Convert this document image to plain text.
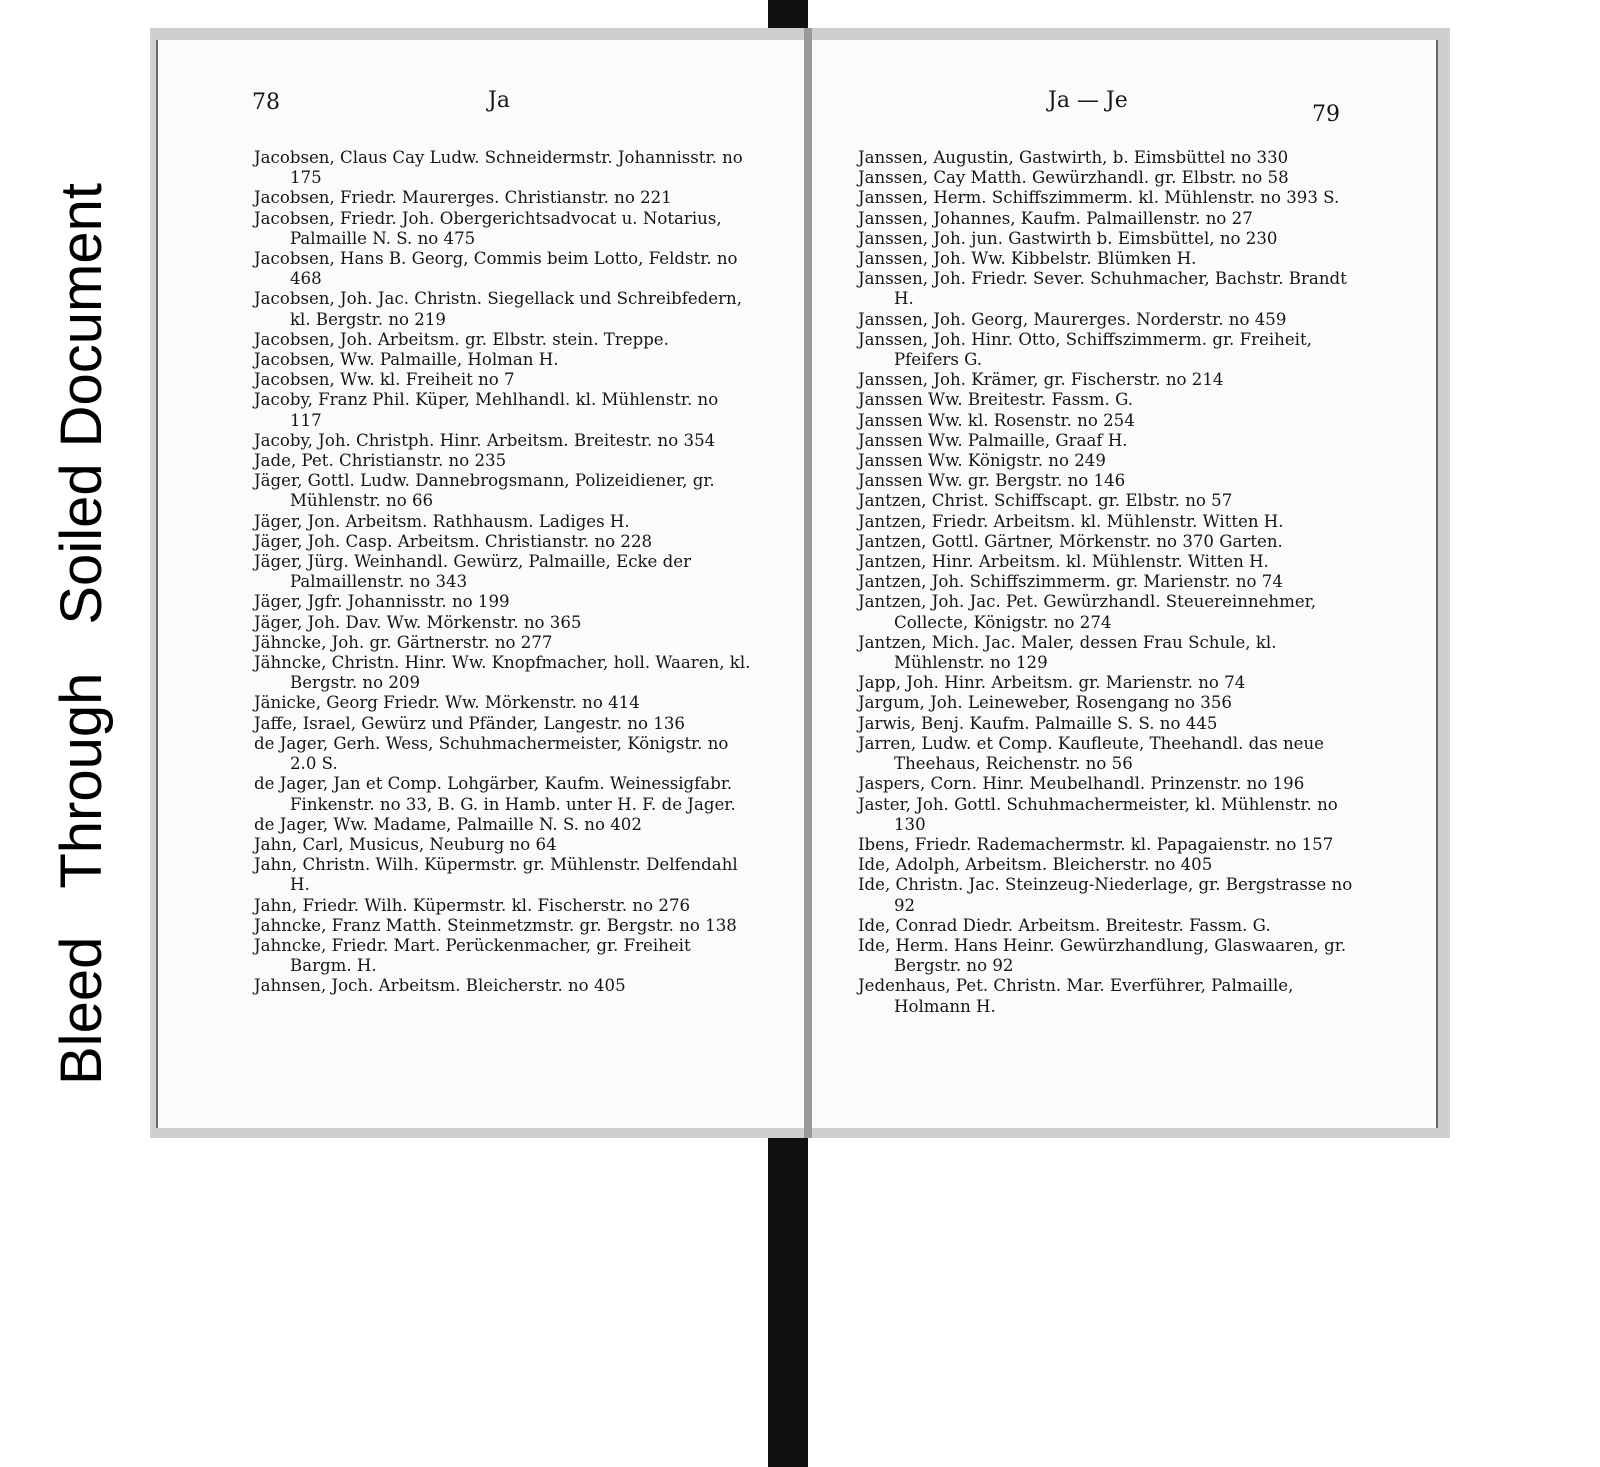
BleedThroughSoiledDocument
78	Ja
Jacobsen, Claus Cay Ludw. Schneidermstr. Johannisstr. no 175
Jacobsen, Friedr. Maurerges. Christianstr. no 221
Jacobsen, Friedr. Joh. Obergerichtsadvocat u. Notarius, Palmaille N. S. no 475
Jacobsen, Hans B. Georg, Commis beim Lotto, Feldstr. no 468
Jacobsen, Joh. Jac. Christn. Siegellack und Schreibfedern, kl. Bergstr. no 219
Jacobsen, Joh. Arbeitsm. gr. Elbstr. stein. Treppe.
Jacobsen, Ww. Palmaille, Holman H.
Jacobsen, Ww. kl. Freiheit no 7
Jacoby, Franz Phil. Küper, Mehlhandl. kl. Mühlenstr. no 117
Jacoby, Joh. Christph. Hinr. Arbeitsm. Breitestr. no 354
Jade, Pet. Christianstr. no 235
Jäger, Gottl. Ludw. Dannebrogsmann, Polizeidiener, gr. Mühlenstr. no 66
Jäger, Jon. Arbeitsm. Rathhausm. Ladiges H.
Jäger, Joh. Casp. Arbeitsm. Christianstr. no 228
Jäger, Jürg. Weinhandl. Gewürz, Palmaille, Ecke der Palmaillenstr. no 343
Jäger, Jgfr. Johannisstr. no 199
Jäger, Joh. Dav. Ww. Mörkenstr. no 365
Jähncke, Joh. gr. Gärtnerstr. no 277
Jähncke, Christn. Hinr. Ww. Knopfmacher, holl. Waaren, kl. Bergstr. no 209
Jänicke, Georg Friedr. Ww. Mörkenstr. no 414
Jaffe, Israel, Gewürz und Pfänder, Langestr. no 136
de Jager, Gerh. Wess, Schuhmachermeister, Königstr. no 2.0 S.
de Jager, Jan et Comp. Lohgärber, Kaufm. Weinessigfabr. Finkenstr. no 33, B. G. in Hamb. unter H. F. de Jager.
de Jager, Ww. Madame, Palmaille N. S. no 402
Jahn, Carl, Musicus, Neuburg no 64
Jahn, Christn. Wilh. Küpermstr. gr. Mühlenstr. Delfendahl H.
Jahn, Friedr. Wilh. Küpermstr. kl. Fischerstr. no 276
Jahncke, Franz Matth. Steinmetzmstr. gr. Bergstr. no 138
Jahncke, Friedr. Mart. Perückenmacher, gr. Freiheit Bargm. H.
Jahnsen, Joch. Arbeitsm. Bleicherstr. no 405
Ja — Je
79
Janssen, Augustin, Gastwirth, b. Eimsbüttel no 330
Janssen, Cay Matth. Gewürzhandl. gr. Elbstr. no 58
Janssen, Herm. Schiffszimmerm. kl. Mühlenstr. no 393 S.
Janssen, Johannes, Kaufm. Palmaillenstr. no 27
Janssen, Joh. jun. Gastwirth b. Eimsbüttel, no 230
Janssen, Joh. Ww. Kibbelstr. Blümken H.
Janssen, Joh. Friedr. Sever. Schuhmacher, Bachstr. Brandt H.
Janssen, Joh. Georg, Maurerges. Norderstr. no 459
Janssen, Joh. Hinr. Otto, Schiffszimmerm. gr. Freiheit, Pfeifers G.
Janssen, Joh. Krämer, gr. Fischerstr. no 214
Janssen Ww. Breitestr. Fassm. G.
Janssen Ww. kl. Rosenstr. no 254
Janssen Ww. Palmaille, Graaf H.
Janssen Ww. Königstr. no 249
Janssen Ww. gr. Bergstr. no 146
Jantzen, Christ. Schiffscapt. gr. Elbstr. no 57
Jantzen, Friedr. Arbeitsm. kl. Mühlenstr. Witten H.
Jantzen, Gottl. Gärtner, Mörkenstr. no 370 Garten.
Jantzen, Hinr. Arbeitsm. kl. Mühlenstr. Witten H.
Jantzen, Joh. Schiffszimmerm. gr. Marienstr. no 74
Jantzen, Joh. Jac. Pet. Gewürzhandl. Steuereinnehmer, Collecte, Königstr. no 274
Jantzen, Mich. Jac. Maler, dessen Frau Schule, kl. Mühlenstr. no 129
Japp, Joh. Hinr. Arbeitsm. gr. Marienstr. no 74
Jargum, Joh. Leineweber, Rosengang no 356
Jarwis, Benj. Kaufm. Palmaille S. S. no 445
Jarren, Ludw. et Comp. Kaufleute, Theehandl. das neue Theehaus, Reichenstr. no 56
Jaspers, Corn. Hinr. Meubelhandl. Prinzenstr. no 196
Jaster, Joh. Gottl. Schuhmachermeister, kl. Mühlenstr. no 130
Ibens, Friedr. Rademachermstr. kl. Papagaienstr. no 157
Ide, Adolph, Arbeitsm. Bleicherstr. no 405
Ide, Christn. Jac. Steinzeug-Niederlage, gr. Bergstrasse no 92
Ide, Conrad Diedr. Arbeitsm. Breitestr. Fassm. G.
Ide, Herm. Hans Heinr. Gewürzhandlung, Glaswaaren, gr. Bergstr. no 92
Jedenhaus, Pet. Christn. Mar. Everführer, Palmaille, Holmann H.
